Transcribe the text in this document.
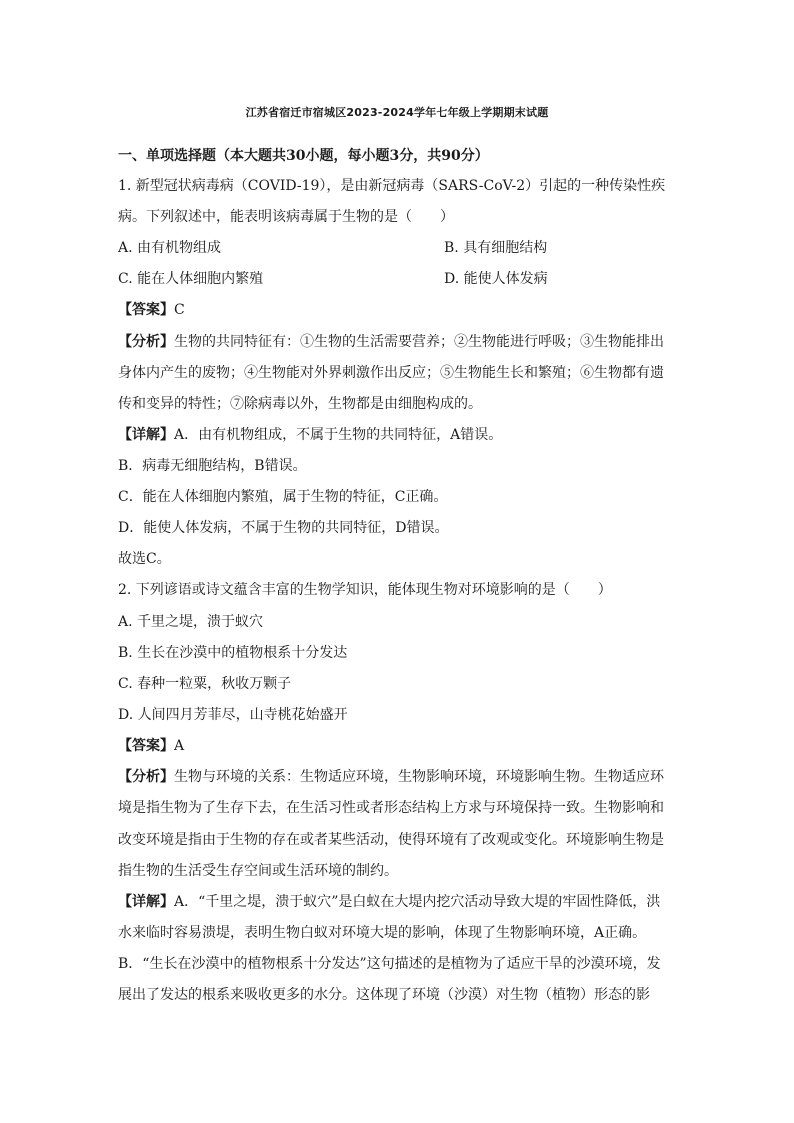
江苏省宿迁市宿城区2023-2024学年七年级上学期期末试题
一、单项选择题（本大题共30小题，每小题3分，共90分）
1. 新型冠状病毒病（COVID-19），是由新冠病毒（SARS-CoV-2）引起的一种传染性疾
病。下列叙述中，能表明该病毒属于生物的是（　　）
A. 由有机物组成	B. 具有细胞结构
C. 能在人体细胞内繁殖	D. 能使人体发病
【答案】C
【分析】生物的共同特征有：①生物的生活需要营养；②生物能进行呼吸；③生物能排出
身体内产生的废物；④生物能对外界刺激作出反应；⑤生物能生长和繁殖；⑥生物都有遗
传和变异的特性；⑦除病毒以外，生物都是由细胞构成的。
【详解】A．由有机物组成，不属于生物的共同特征，A错误。
B．病毒无细胞结构，B错误。
C．能在人体细胞内繁殖，属于生物的特征，C正确。
D．能使人体发病，不属于生物的共同特征，D错误。
故选C。
2. 下列谚语或诗文蕴含丰富的生物学知识，能体现生物对环境影响的是（　　）
A. 千里之堤，溃于蚁穴
B. 生长在沙漠中的植物根系十分发达
C. 春种一粒粟，秋收万颗子
D. 人间四月芳菲尽，山寺桃花始盛开
【答案】A
【分析】生物与环境的关系：生物适应环境，生物影响环境，环境影响生物。生物适应环
境是指生物为了生存下去，在生活习性或者形态结构上方求与环境保持一致。生物影响和
改变环境是指由于生物的存在或者某些活动，使得环境有了改观或变化。环境影响生物是
指生物的生活受生存空间或生活环境的制约。
【详解】A．“千里之堤，溃于蚁穴”是白蚁在大堤内挖穴活动导致大堤的牢固性降低，洪
水来临时容易溃堤，表明生物白蚁对环境大堤的影响，体现了生物影响环境，A正确。
B．“生长在沙漠中的植物根系十分发达”这句描述的是植物为了适应干旱的沙漠环境，发
展出了发达的根系来吸收更多的水分。这体现了环境（沙漠）对生物（植物）形态的影
